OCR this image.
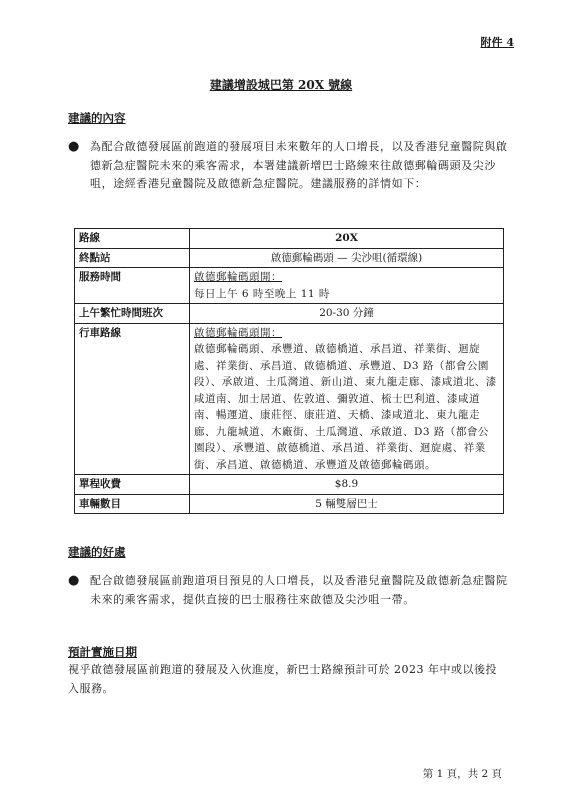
附件 4
建議增設城巴第 20X 號線
建議的內容
● 為配合啟德發展區前跑道的發展項目未來數年的人口增長，以及香港兒童醫院與啟德新急症醫院未來的乘客需求，本署建議新增巴士路線來往啟德郵輪碼頭及尖沙咀，途經香港兒童醫院及啟德新急症醫院。建議服務的詳情如下：
路線	20X
終點站	啟德郵輪碼頭 — 尖沙咀(循環線)
服務時間	啟德郵輪碼頭開：
每日上午 6 時至晚上 11 時

上午繁忙時間班次	20-30 分鐘
行車路線	啟德郵輪碼頭開：
啟德郵輪碼頭、承豐道、啟德橋道、承昌道、祥業街、迴旋處、祥業街、承昌道、啟德橋道、承豐道、D3 路（都會公園段）、承啟道、土瓜灣道、新山道、東九龍走廊、漆咸道北、漆咸道南、加士居道、佐敦道、彌敦道、梳士巴利道、漆咸道南、暢運道、康莊徑、康莊道、天橋、漆咸道北、東九龍走廊、九龍城道、木廠街、土瓜灣道、承啟道、D3 路（都會公園段）、承豐道、啟德橋道、承昌道、祥業街、迴旋處、祥業街、承昌道、啟德橋道、承豐道及啟德郵輪碼頭。

單程收費	$8.9
車輛數目	5 輛雙層巴士
建議的好處
● 配合啟德發展區前跑道項目預見的人口增長，以及香港兒童醫院及啟德新急症醫院未來的乘客需求，提供直接的巴士服務往來啟德及尖沙咀一帶。
預計實施日期
視乎啟德發展區前跑道的發展及入伙進度，新巴士路線預計可於 2023 年中或以後投入服務。
第 1 頁，共 2 頁
